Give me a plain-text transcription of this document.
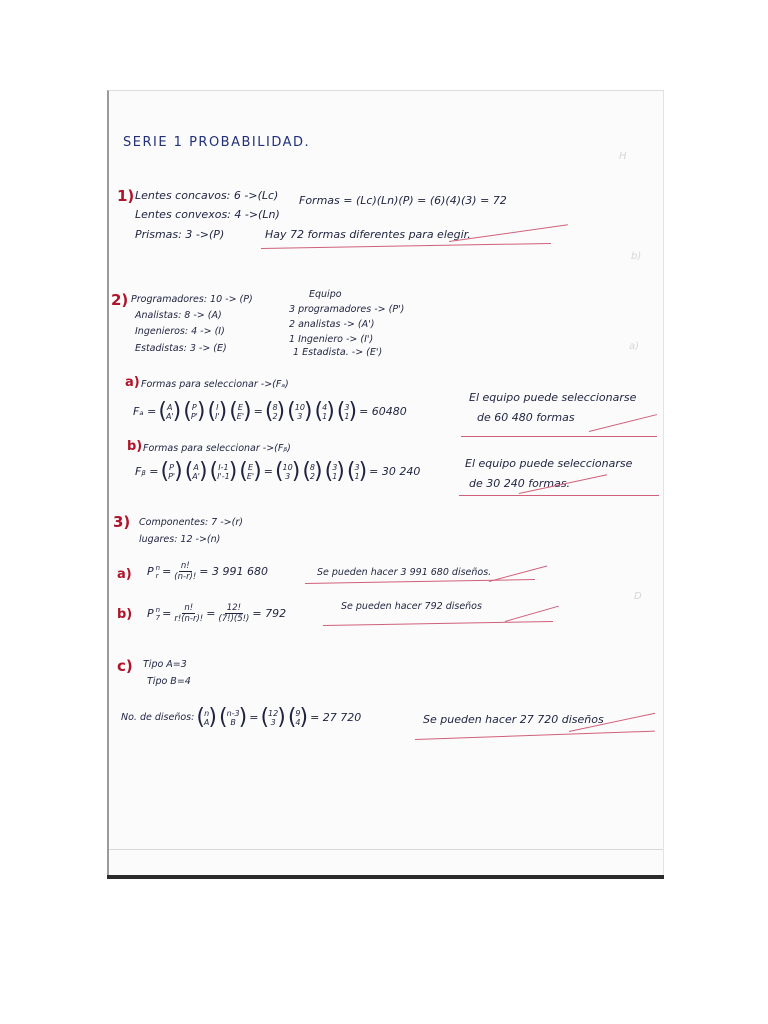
H
b)
a)
D
SERIE 1 PROBABILIDAD.
1) Lentes concavos: 6 ->(Lc)
Lentes convexos: 4 ->(Ln)
Prismas: 3 ->(P)
Formas = (Lc)(Ln)(P) = (6)(4)(3) = 72
Hay 72 formas diferentes para elegir.
2) Programadores: 10 -> (P)
Analistas: 8 -> (A)
Ingenieros: 4 -> (I)
Estadistas: 3 -> (E)
Equipo
3 programadores -> (P')
2 analistas -> (A')
1 Ingeniero -> (I')
1 Estadista. -> (E')
a) Formas para seleccionar ->(Fₐ)
Fₐ = ( A
A' ) ( P
P' ) ( I
I' ) ( E
E' ) = ( 8
2 ) ( 10
3 ) ( 4
1 ) ( 3
1 ) = 60480
El equipo puede seleccionarse
de 60 480 formas
b) Formas para seleccionar ->(Fᵦ)
Fᵦ = ( P
P' ) ( A
A' ) ( I-1
I'-1 ) ( E
E' ) = ( 10
3 ) ( 8
2 ) ( 3
1 ) ( 3
1 ) = 30 240
El equipo puede seleccionarse
de 30 240 formas.
3) Componentes: 7 ->(r)
lugares: 12 ->(n)
a) P n
$r = \frac{n!}{(n-r)!} = 3$ 991 680	Se pueden hacer 3 991 680 diseños.
b) P n
$7 = \frac{n!}{r!(n-r)!} = \frac{12!}{(7!)(5!)} = 792$
Se pueden hacer 792 diseños
c) Tipo A=3
Tipo B=4
No. de diseños: ( n
A ) ( n-3
B ) = ( 12
3 ) ( 9
4 ) = 27 720	Se pueden hacer 27 720 diseños
